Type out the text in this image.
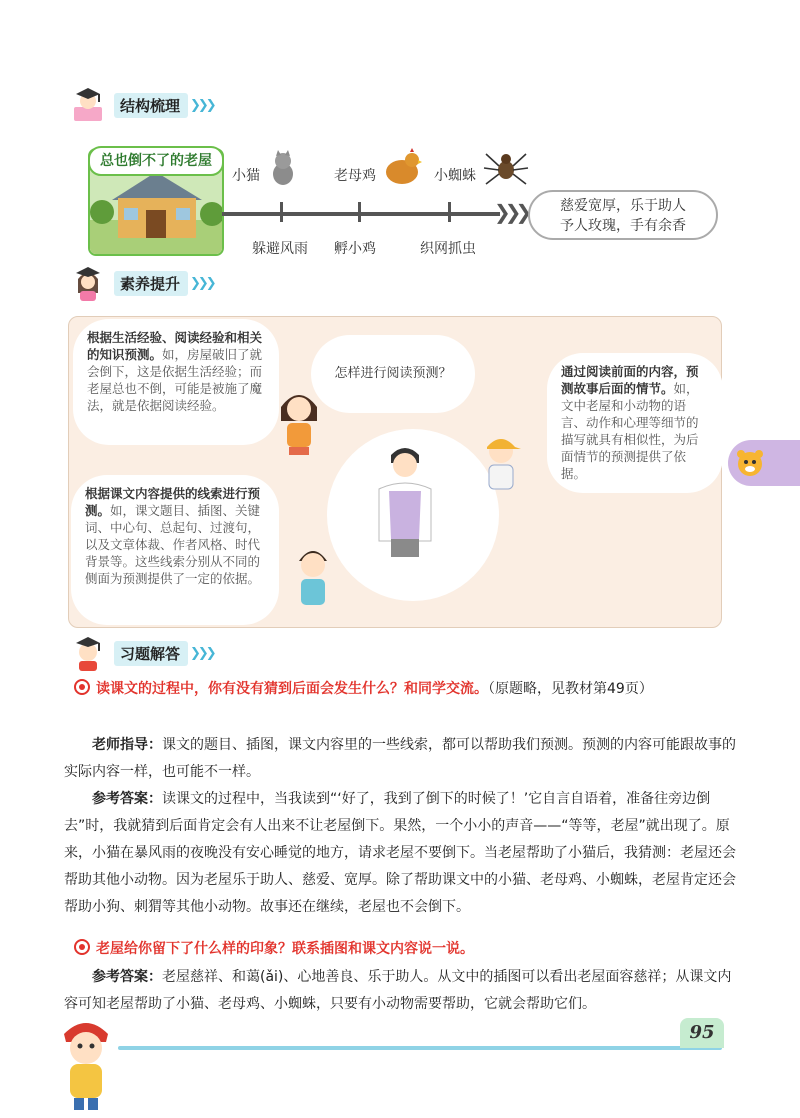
结构梳理 ❯❯❯
总也倒不了的老屋
❯❯❯
小猫	老母鸡	小蜘蛛
躲避风雨 孵小鸡	织网抓虫
慈爱宽厚，乐于助人
予人玫瑰，手有余香
素养提升 ❯❯❯
怎样进行阅读预测？
根据生活经验、阅读经验和相关的知识预测。如，房屋破旧了就会倒下，这是依据生活经验；而老屋总也不倒，可能是被施了魔法，就是依据阅读经验。
根据课文内容提供的线索进行预测。如，课文题目、插图、关键词、中心句、总起句、过渡句，以及文章体裁、作者风格、时代背景等。这些线索分别从不同的侧面为预测提供了一定的依据。
通过阅读前面的内容，预测故事后面的情节。如，文中老屋和小动物的语言、动作和心理等细节的描写就具有相似性，为后面情节的预测提供了依据。
习题解答 ❯❯❯
读课文的过程中，你有没有猜到后面会发生什么？和同学交流。（原题略，见教材第49页）
老师指导：课文的题目、插图，课文内容里的一些线索，都可以帮助我们预测。预测的内容可能跟故事的实际内容一样，也可能不一样。
参考答案：读课文的过程中，当我读到“‘好了，我到了倒下的时候了！’它自言自语着，准备往旁边倒去”时，我就猜到后面肯定会有人出来不让老屋倒下。果然，一个小小的声音——“等等，老屋”就出现了。原来，小猫在暴风雨的夜晚没有安心睡觉的地方，请求老屋不要倒下。当老屋帮助了小猫后，我猜测：老屋还会帮助其他小动物。因为老屋乐于助人、慈爱、宽厚。除了帮助课文中的小猫、老母鸡、小蜘蛛，老屋肯定还会帮助小狗、刺猬等其他小动物。故事还在继续，老屋也不会倒下。
老屋给你留下了什么样的印象？联系插图和课文内容说一说。
参考答案：老屋慈祥、和蔼(ǎi)、心地善良、乐于助人。从文中的插图可以看出老屋面容慈祥；从课文内容可知老屋帮助了小猫、老母鸡、小蜘蛛，只要有小动物需要帮助，它就会帮助它们。
95
